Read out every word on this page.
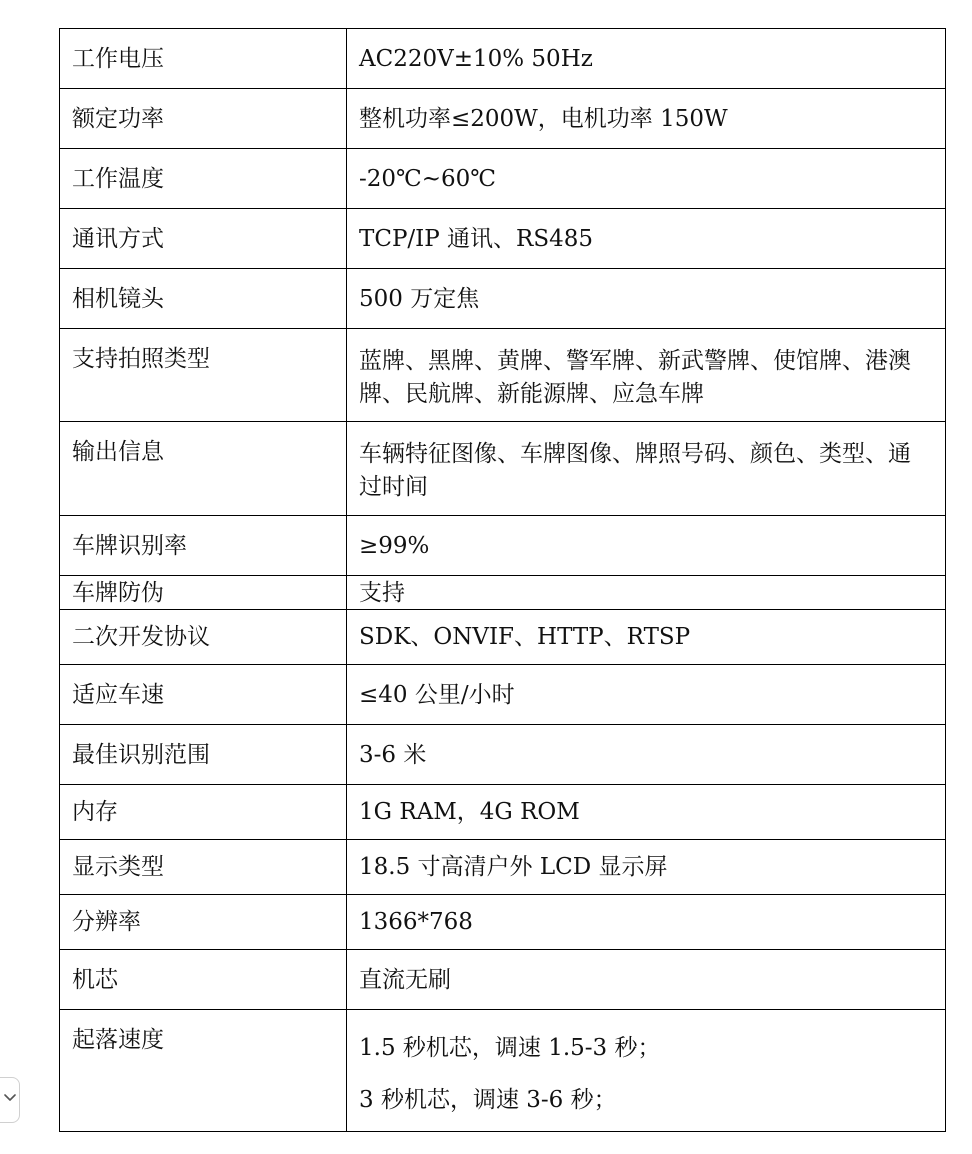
工作电压	AC220V±10% 50Hz
额定功率	整机功率≤200W，电机功率 150W
工作温度	-20℃~60℃
通讯方式	TCP/IP 通讯、RS485
相机镜头	500 万定焦
支持拍照类型	蓝牌、黑牌、黄牌、警军牌、新武警牌、使馆牌、港澳牌、民航牌、新能源牌、应急车牌

输出信息	车辆特征图像、车牌图像、牌照号码、颜色、类型、通过时间

车牌识别率	≥99%
车牌防伪	支持
二次开发协议	SDK、ONVIF、HTTP、RTSP
适应车速	≤40 公里/小时
最佳识别范围	3-6 米
内存	1G RAM，4G ROM
显示类型	18.5 寸高清户外 LCD 显示屏
分辨率	1366*768
机芯	直流无刷
起落速度	1.5 秒机芯，调速 1.5-3 秒；
3 秒机芯，调速 3-6 秒；
